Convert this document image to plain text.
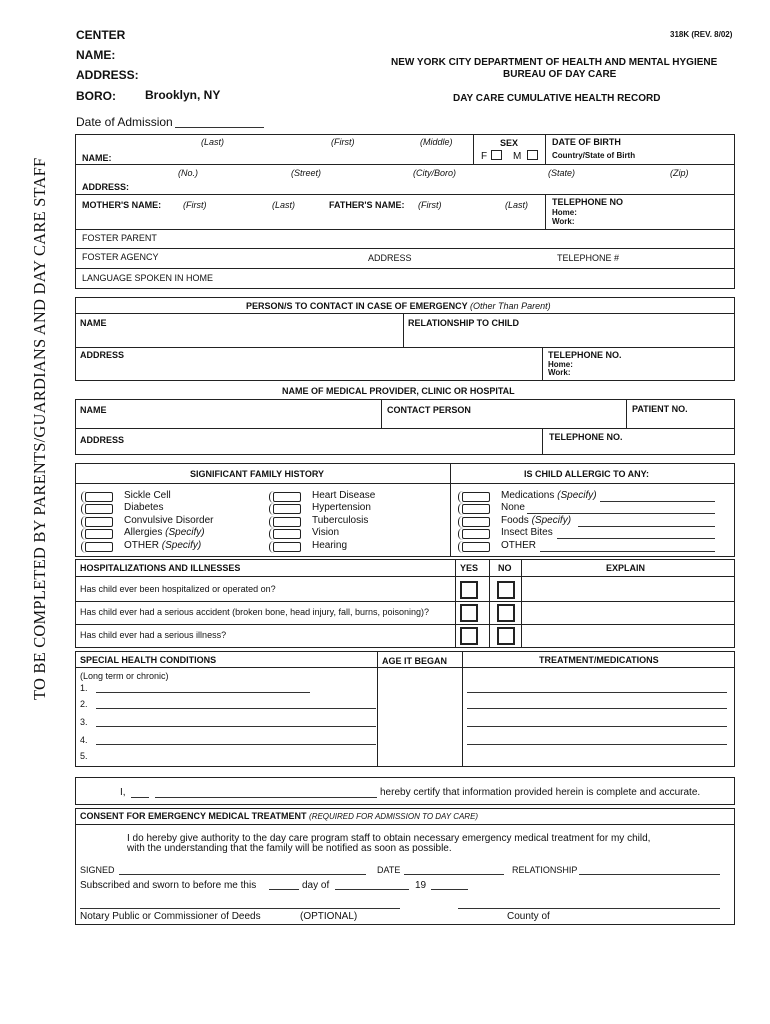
318K (REV. 8/02)
CENTER
NAME:
ADDRESS:
BORO: Brooklyn, NY
NEW YORK CITY DEPARTMENT OF HEALTH AND MENTAL HYGIENE
BUREAU OF DAY CARE
DAY CARE CUMULATIVE HEALTH RECORD
Date of Admission
TO BE COMPLETED BY PARENTS/GUARDIANS AND DAY CARE STAFF
(Last)	(First)	(Middle)
NAME:
SEX
F	M
DATE OF BIRTH
Country/State of Birth
(No.)	(Street)	(City/Boro)	(State)	(Zip)
ADDRESS:
MOTHER'S NAME: (First)	(Last)	FATHER'S NAME: (First)	(Last)	TELEPHONE NO
Home:
Work:
FOSTER PARENT
FOSTER AGENCY	ADDRESS	TELEPHONE #
LANGUAGE SPOKEN IN HOME
PERSON/S TO CONTACT IN CASE OF EMERGENCY (Other Than Parent)
NAME	RELATIONSHIP TO CHILD
ADDRESS	TELEPHONE NO.
Home:
Work:
NAME OF MEDICAL PROVIDER, CLINIC OR HOSPITAL
NAME	CONTACT PERSON	PATIENT NO.
ADDRESS	TELEPHONE NO.
SIGNIFICANT FAMILY HISTORY	IS CHILD ALLERGIC TO ANY:
Sickle Cell
Diabetes
Convulsive Disorder
Allergies (Specify)
OTHER (Specify)
Heart Disease
Hypertension
Tuberculosis
Vision
Hearing
Medications (Specify)
None
Foods (Specify)
Insect Bites
OTHER
HOSPITALIZATIONS AND ILLNESSES	YES NO	EXPLAIN
Has child ever been hospitalized or operated on?
Has child ever had a serious accident (broken bone, head injury, fall, burns, poisoning)?
Has child ever had a serious illness?
SPECIAL HEALTH CONDITIONS	AGE IT BEGAN	TREATMENT/MEDICATIONS
(Long term or chronic)
1.
2.
3.
4.
5.
I,	hereby certify that information provided herein is complete and accurate.
CONSENT FOR EMERGENCY MEDICAL TREATMENT (REQUIRED FOR ADMISSION TO DAY CARE)
I do hereby give authority to the day care program staff to obtain necessary emergency medical treatment for my child,
with the understanding that the family will be notified as soon as possible.
SIGNED	DATE	RELATIONSHIP
Subscribed and sworn to before me this	day of	19
Notary Public or Commissioner of Deeds	(OPTIONAL)	County of
